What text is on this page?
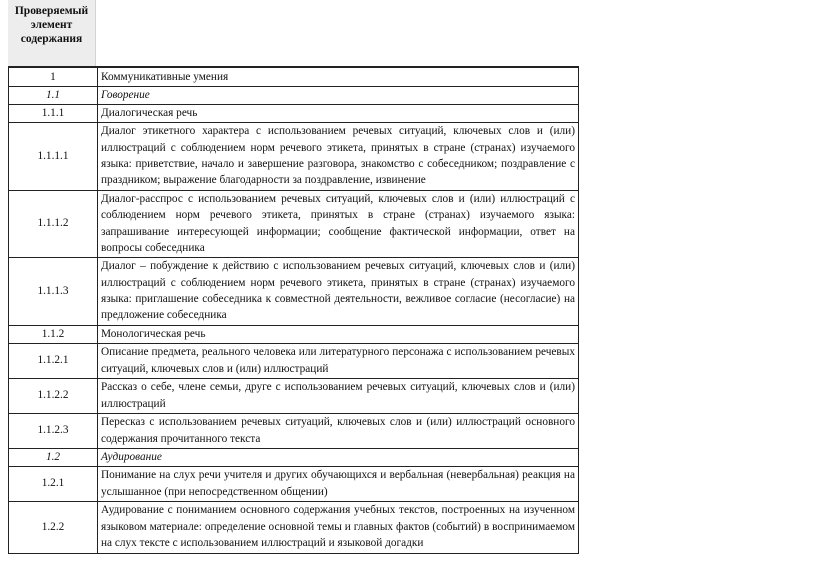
Проверяемый
элемент
содержания
1	Коммуникативные умения
1.1	Говорение
1.1.1	Диалогическая речь
1.1.1.1	Диалог этикетного характера с использованием речевых ситуаций, ключевых слов и (или) иллюстраций с соблюдением норм речевого этикета, принятых в стране (странах) изучаемого языка: приветствие, начало и завершение разговора, знакомство с собеседником; поздравление с праздником; выражение благодарности за поздравление, извинение
1.1.1.2	Диалог-расспрос с использованием речевых ситуаций, ключевых слов и (или) иллюстраций с соблюдением норм речевого этикета, принятых в стране (странах) изучаемого языка: запрашивание интересующей информации; сообщение фактической информации, ответ на вопросы собеседника
1.1.1.3	Диалог – побуждение к действию с использованием речевых ситуаций, ключевых слов и (или) иллюстраций с соблюдением норм речевого этикета, принятых в стране (странах) изучаемого языка: приглашение собеседника к совместной деятельности, вежливое согласие (несогласие) на предложение собеседника
1.1.2	Монологическая речь
1.1.2.1	Описание предмета, реального человека или литературного персонажа с использованием речевых ситуаций, ключевых слов и (или) иллюстраций
1.1.2.2	Рассказ о себе, члене семьи, друге с использованием речевых ситуаций, ключевых слов и (или) иллюстраций
1.1.2.3	Пересказ с использованием речевых ситуаций, ключевых слов и (или) иллюстраций основного содержания прочитанного текста
1.2	Аудирование
1.2.1	Понимание на слух речи учителя и других обучающихся и вербальная (невербальная) реакция на услышанное (при непосредственном общении)
1.2.2	Аудирование с пониманием основного содержания учебных текстов, построенных на изученном языковом материале: определение основной темы и главных фактов (событий) в воспринимаемом на слух тексте с использованием иллюстраций и языковой догадки
